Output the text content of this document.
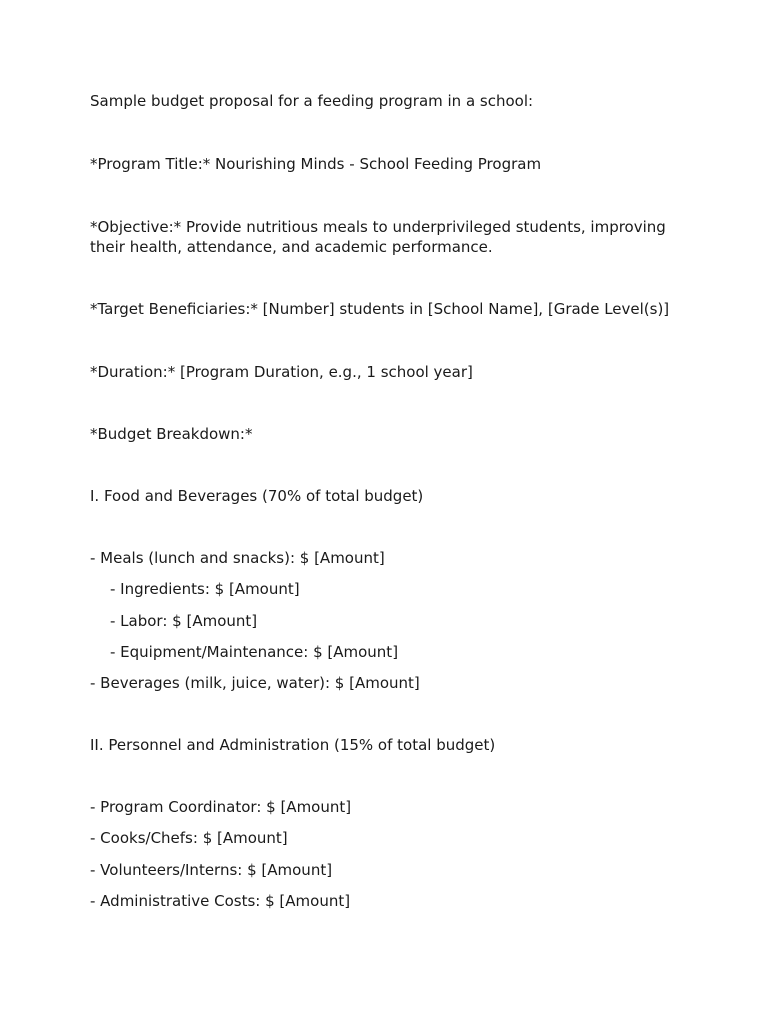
Sample budget proposal for a feeding program in a school:
*Program Title:* Nourishing Minds - School Feeding Program
*Objective:* Provide nutritious meals to underprivileged students, improving their health, attendance, and academic performance.
*Target Beneficiaries:* [Number] students in [School Name], [Grade Level(s)]
*Duration:* [Program Duration, e.g., 1 school year]
*Budget Breakdown:*
I. Food and Beverages (70% of total budget)
- Meals (lunch and snacks): $ [Amount]
- Ingredients: $ [Amount]
- Labor: $ [Amount]
- Equipment/Maintenance: $ [Amount]
- Beverages (milk, juice, water): $ [Amount]
II. Personnel and Administration (15% of total budget)
- Program Coordinator: $ [Amount]
- Cooks/Chefs: $ [Amount]
- Volunteers/Interns: $ [Amount]
- Administrative Costs: $ [Amount]
